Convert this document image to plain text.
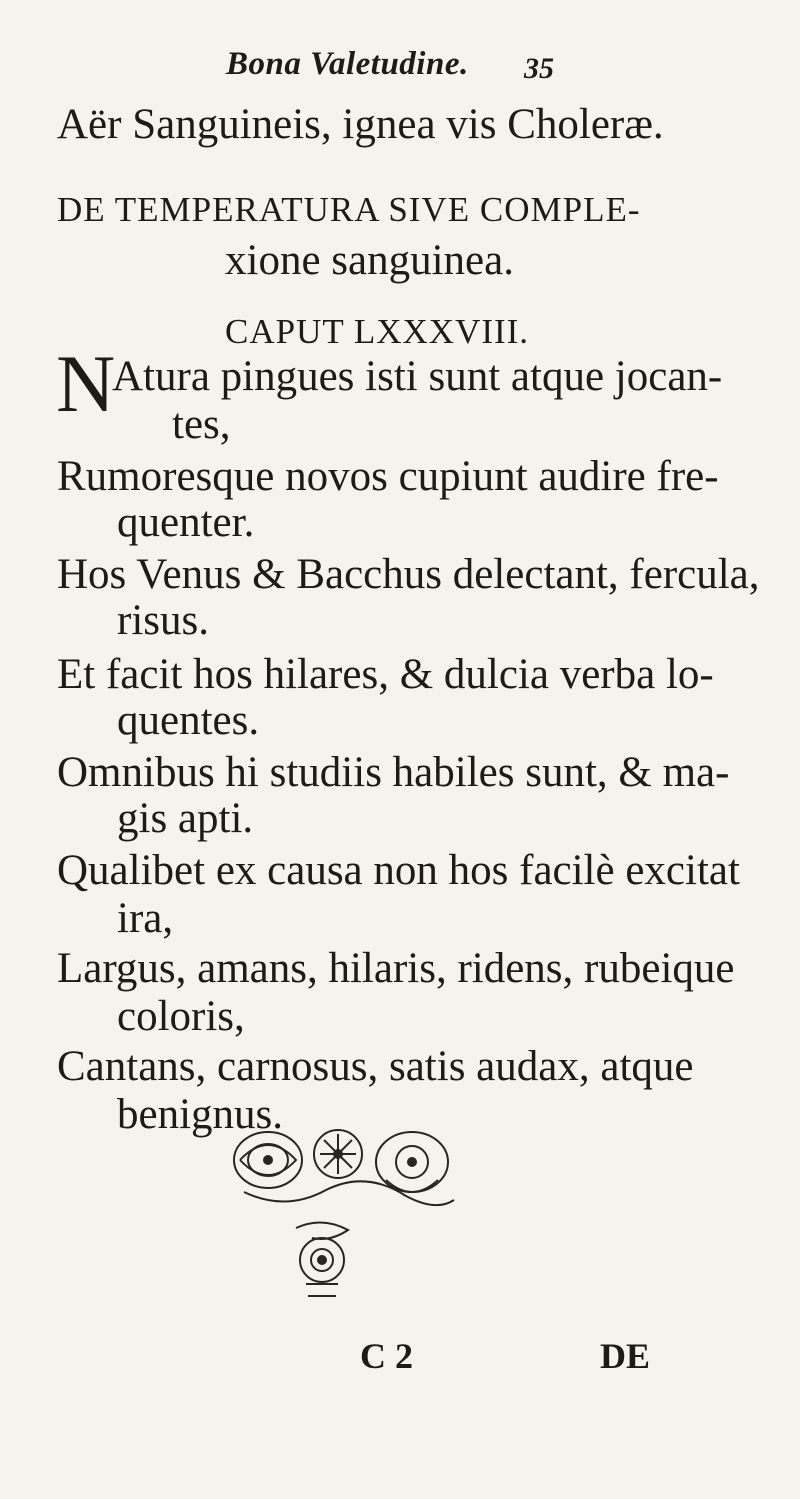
Bona Valetudine. 35
Aër Sanguineis, ignea vis Choleræ.
DE TEMPERATURA SIVE COMPLE-
xione sanguinea.
CAPUT LXXXVIII.
N
Atura pingues isti sunt atque jocan-
tes,
Rumoresque novos cupiunt audire fre-
quenter.
Hos Venus & Bacchus delectant, fercula,
risus.
Et facit hos hilares, & dulcia verba lo-
quentes.
Omnibus hi studiis habiles sunt, & ma-
gis apti.
Qualibet ex causa non hos facilè excitat
ira,
Largus, amans, hilaris, ridens, rubeique
coloris,
Cantans, carnosus, satis audax, atque
benignus.
C 2	DE
